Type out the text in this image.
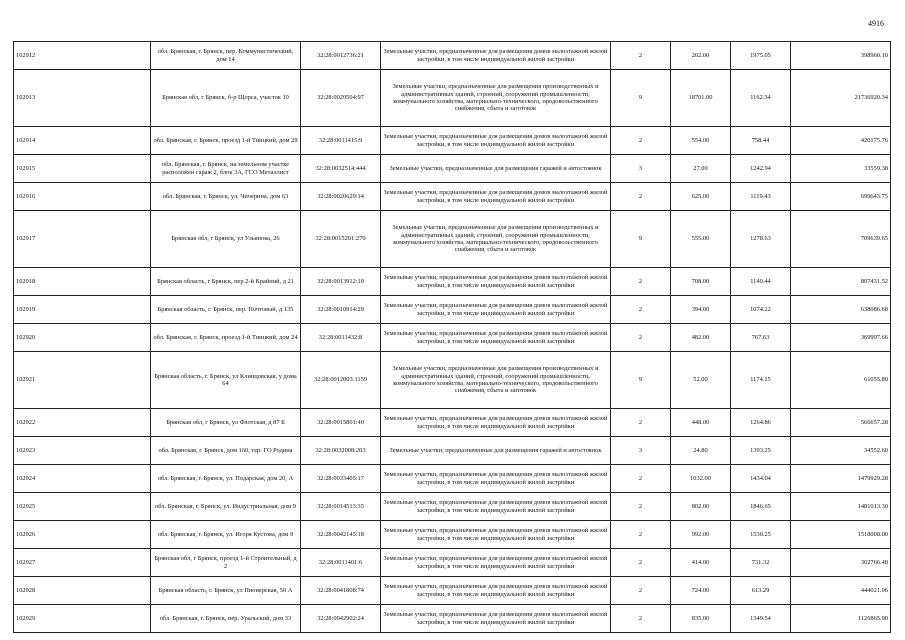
4916
102912	обл. Брянская, г. Брянск, пер. Коммунистический, дом 14	32:28:0012736:21	Земельные участки, предназначенные для размещения домов малоэтажной жилой застройки, в том числе индивидуальной жилой застройки	2	202.00	1975.05	398960.10
102913	Брянская обл, г Брянск, б-р Щорса, участок 10	32:28:0020504:97	Земельные участки, предназначенные для размещения производственных и административных зданий, строений, сооружений промышленности, коммунального хозяйства, материально-технического, продовольственного снабжения, сбыта и заготовок	9	18701.00	1162.34	21736920.34
102914	обл. Брянская, г. Брянск, проезд 1-й Тиицкий, дом 29	32:28:0011415:9	Земельные участки, предназначенные для размещения домов малоэтажной жилой застройки, в том числе индивидуальной жилой застройки	2	554.00	758.44	420175.76
102915	обл. Брянская, г. Брянск, на земельном участке расположен гараж 2, блок 3А, ГСО Металлист	32:28:0032514:444	Земельные участки, предназначенные для размещения гаражей и автостоянок	3	27.00	1242.94	33559.38
102916	обл. Брянская, г. Брянск, ул. Чичерина, дом 63	32:28:0020629:14	Земельные участки, предназначенные для размещения домов малоэтажной жилой застройки, в том числе индивидуальной жилой застройки	2	625.00	1119.43	699643.75
102917	Брянская обл, г Брянск, ул Ульянова, 26	32:28:0015201:270	Земельные участки, предназначенные для размещения производственных и административных зданий, строений, сооружений промышленности, коммунального хозяйства, материально-технического, продовольственного снабжения, сбыта и заготовок	9	555.00	1278.63	709639.65
102918	Брянская область, г Брянск, пер 2-й Крайний, д 21	32:28:0013912:10	Земельные участки, предназначенные для размещения домов малоэтажной жилой застройки, в том числе индивидуальной жилой застройки	2	708.00	1140.44	807431.52
102919	Брянская область, г. Брянск, пер. Почтовый, д 135	32:28:0010914:29	Земельные участки, предназначенные для размещения домов малоэтажной жилой застройки, в том числе индивидуальной жилой застройки	2	394.00	1074.22	638086.68
102920	обл. Брянская, г. Брянск, проезд 1-й Тиицкий, дом 24	32:28:0011432:8	Земельные участки, предназначенные для размещения домов малоэтажной жилой застройки, в том числе индивидуальной жилой застройки	2	482.00	767.63	369997.66
102921	Брянская область, г. Брянск, ул Клинцовская, у дома 64	32:28:0012003:1159	Земельные участки, предназначенные для размещения производственных и административных зданий, строений, сооружений промышленности, коммунального хозяйства, материально-технического, продовольственного снабжения, сбыта и заготовок	9	52.00	1174.15	61055.80
102922	Брянская обл, г Брянск, ул Флотская, д 87 Б	32:28:0015801:40	Земельные участки, предназначенные для размещения домов малоэтажной жилой застройки, в том числе индивидуальной жилой застройки	2	448.00	1264.86	566657.28
102923	обл. Брянская, г. Брянск, дом 160, тер. ГО Родина	32:28:0032008:203	Земельные участки, предназначенные для размещения гаражей и автостоянок	3	24.80	1393.25	34552.60
102924	обл. Брянская, г. Брянск, ул. Подарская, дом 20, А	32:28:0033405:17	Земельные участки, предназначенные для размещения домов малоэтажной жилой застройки, в том числе индивидуальной жилой застройки	2	1032.00	1434.04	1479929.28
102925	обл. Брянская, г. Брянск, ул. Индустриальная, дом 9	32:28:0014513:35	Земельные участки, предназначенные для размещения домов малоэтажной жилой застройки, в том числе индивидуальной жилой застройки	2	802.00	1846.65	1481013.30
102926	обл. Брянская, г. Брянск, ул. Игоря Кустова, дом 9	32:28:0042145:18	Земельные участки, предназначенные для размещения домов малоэтажной жилой застройки, в том числе индивидуальной жилой застройки	2	992.00	1530.25	1518008.00
102927	Брянская обл, г Брянск, проезд 1-й Строительный, д 2	32:28:0011401:6	Земельные участки, предназначенные для размещения домов малоэтажной жилой застройки, в том числе индивидуальной жилой застройки	2	414.00	731.32	302766.48
102928	Брянская область, г. Брянск, ул Пионерская, 50 А	32:28:0041808:74	Земельные участки, предназначенные для размещения домов малоэтажной жилой застройки, в том числе индивидуальной жилой застройки	2	724.00	613.29	444021.96
102929	обл. Брянская, г. Брянск, пер. Уральский, дом 33	32:28:0042902:24	Земельные участки, предназначенные для размещения домов малоэтажной жилой застройки, в том числе индивидуальной жилой застройки	2	835.00	1349.54	1126865.90
